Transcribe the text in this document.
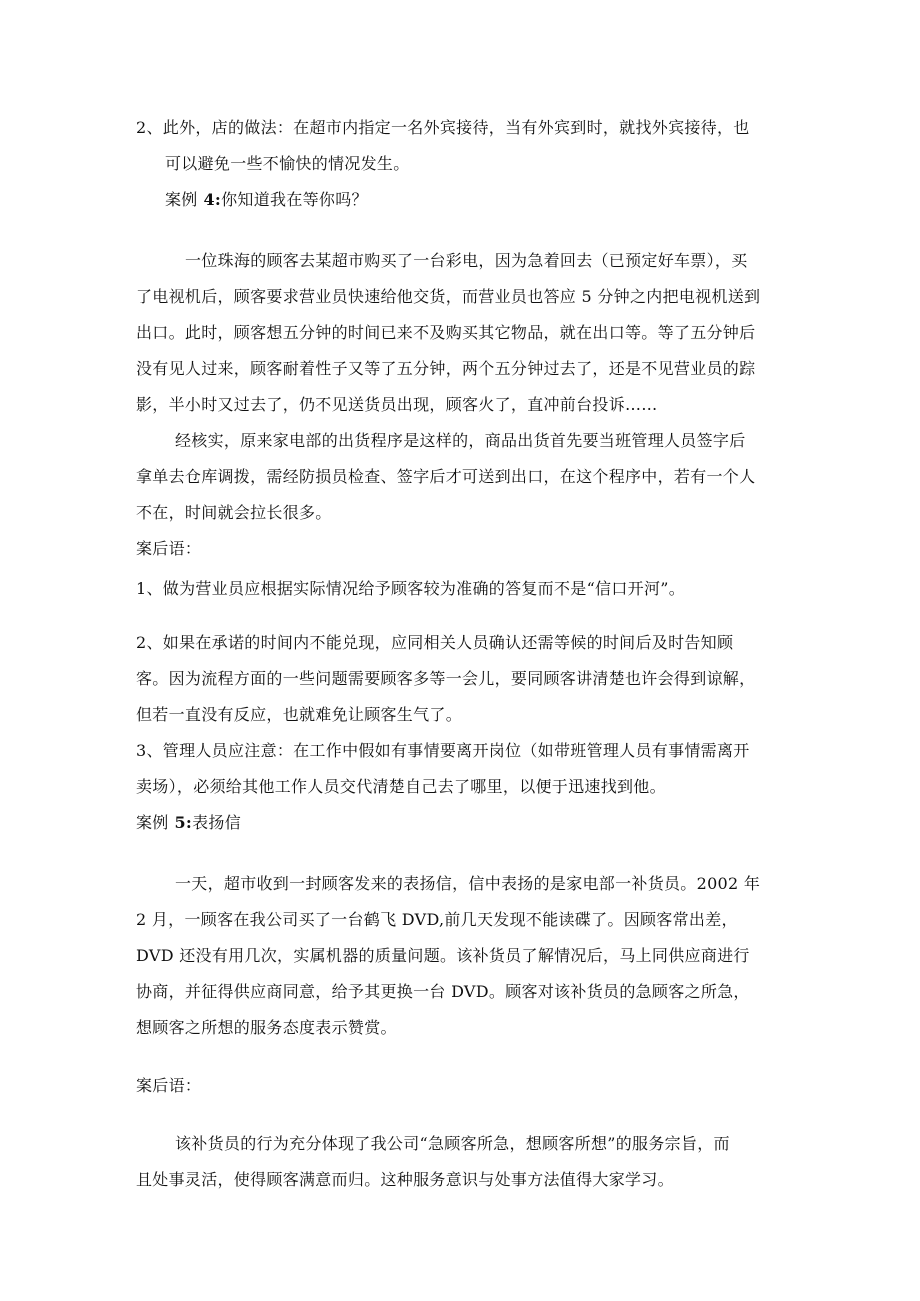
2、此外，店的做法：在超市内指定一名外宾接待，当有外宾到时，就找外宾接待，也
可以避免一些不愉快的情况发生。
案例 4:你知道我在等你吗？
一位珠海的顾客去某超市购买了一台彩电，因为急着回去（已预定好车票），买
了电视机后，顾客要求营业员快速给他交货，而营业员也答应 5 分钟之内把电视机送到
出口。此时，顾客想五分钟的时间已来不及购买其它物品，就在出口等。等了五分钟后
没有见人过来，顾客耐着性子又等了五分钟，两个五分钟过去了，还是不见营业员的踪
影，半小时又过去了，仍不见送货员出现，顾客火了，直冲前台投诉……
经核实，原来家电部的出货程序是这样的，商品出货首先要当班管理人员签字后
拿单去仓库调拨，需经防损员检查、签字后才可送到出口，在这个程序中，若有一个人
不在，时间就会拉长很多。
案后语：
1、做为营业员应根据实际情况给予顾客较为准确的答复而不是“信口开河”。
2、如果在承诺的时间内不能兑现，应同相关人员确认还需等候的时间后及时告知顾
客。因为流程方面的一些问题需要顾客多等一会儿，要同顾客讲清楚也许会得到谅解，
但若一直没有反应，也就难免让顾客生气了。
3、管理人员应注意：在工作中假如有事情要离开岗位（如带班管理人员有事情需离开
卖场），必须给其他工作人员交代清楚自己去了哪里，以便于迅速找到他。
案例 5:表扬信
一天，超市收到一封顾客发来的表扬信，信中表扬的是家电部一补货员。2002 年
2 月，一顾客在我公司买了一台鹤飞 DVD,前几天发现不能读碟了。因顾客常出差，
DVD 还没有用几次，实属机器的质量问题。该补货员了解情况后，马上同供应商进行
协商，并征得供应商同意，给予其更换一台 DVD。顾客对该补货员的急顾客之所急，
想顾客之所想的服务态度表示赞赏。
案后语：
该补货员的行为充分体现了我公司“急顾客所急，想顾客所想”的服务宗旨，而
且处事灵活，使得顾客满意而归。这种服务意识与处事方法值得大家学习。
